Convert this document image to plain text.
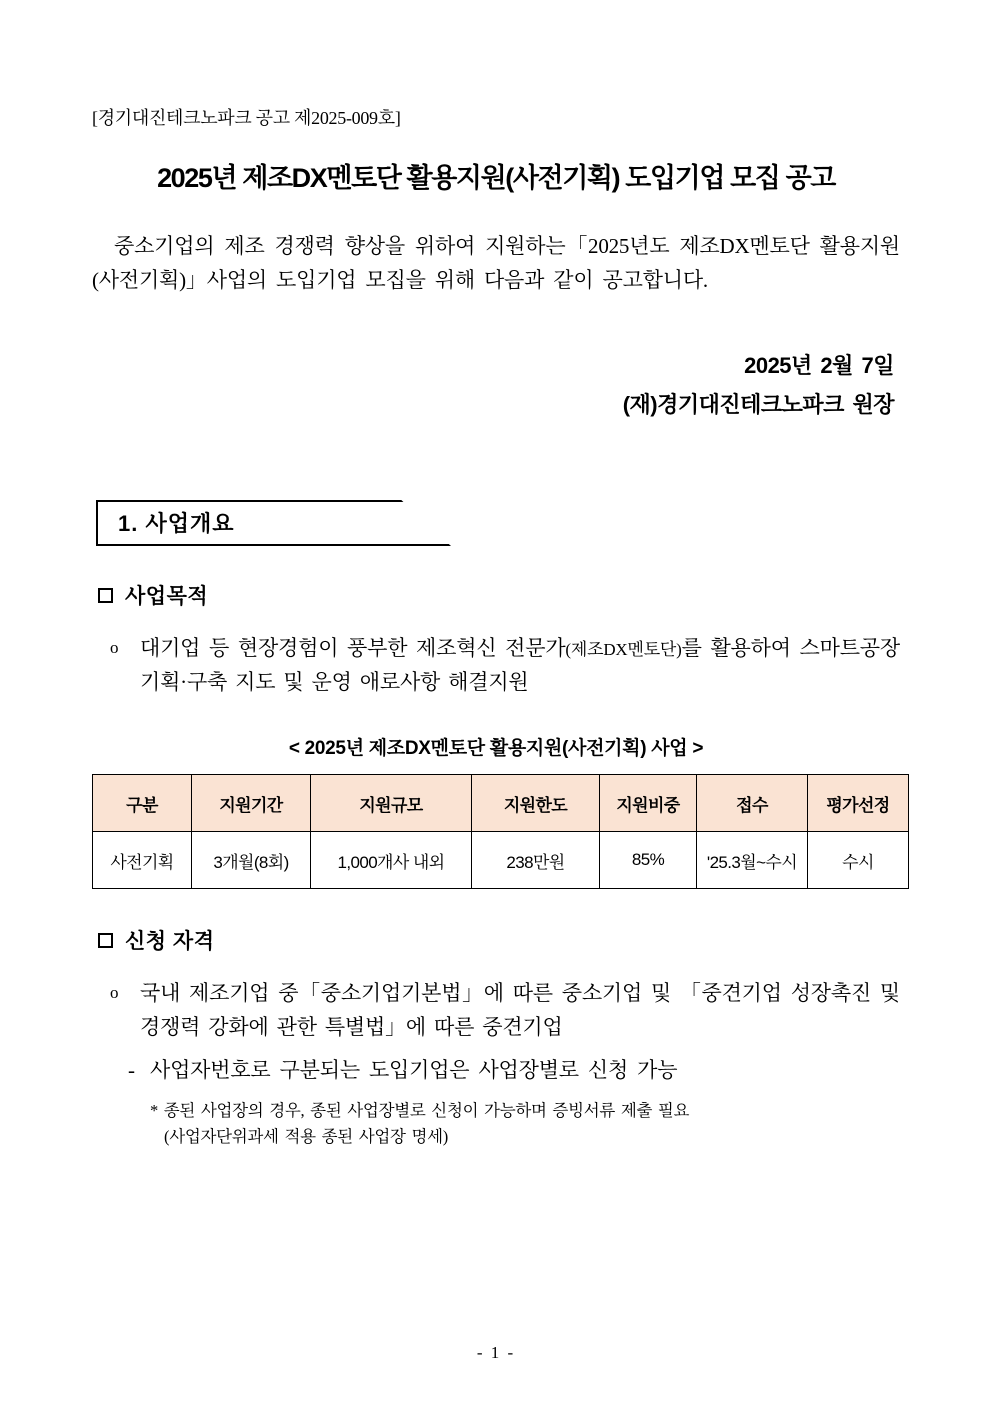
[경기대진테크노파크 공고 제2025-009호]
2025년 제조DX멘토단 활용지원(사전기획) 도입기업 모집 공고

중소기업의 제조 경쟁력 향상을 위하여 지원하는「2025년도 제조DX멘토단 활용지원(사전기획)」사업의 도입기업 모집을 위해 다음과 같이 공고합니다.

2025년 2월 7일
(재)경기대진테크노파크 원장
1. 사업개요
사업목적
o	대기업 등 현장경험이 풍부한 제조혁신 전문가(제조DX멘토단)를 활용하여 스마트공장 기획·구축 지도 및 운영 애로사항 해결지원
< 2025년 제조DX멘토단 활용지원(사전기획) 사업 >
구분	지원기간	지원규모	지원한도	지원비중	접수	평가선정
사전기획	3개월(8회)	1,000개사 내외	238만원	85%	'25.3월~수시	수시
신청 자격
o	국내 제조기업 중「중소기업기본법」에 따른 중소기업 및 「중견기업 성장촉진 및 경쟁력 강화에 관한 특별법」에 따른 중견기업
- 사업자번호로 구분되는 도입기업은 사업장별로 신청 가능
* 종된 사업장의 경우, 종된 사업장별로 신청이 가능하며 증빙서류 제출 필요
(사업자단위과세 적용 종된 사업장 명세)
- 1 -
